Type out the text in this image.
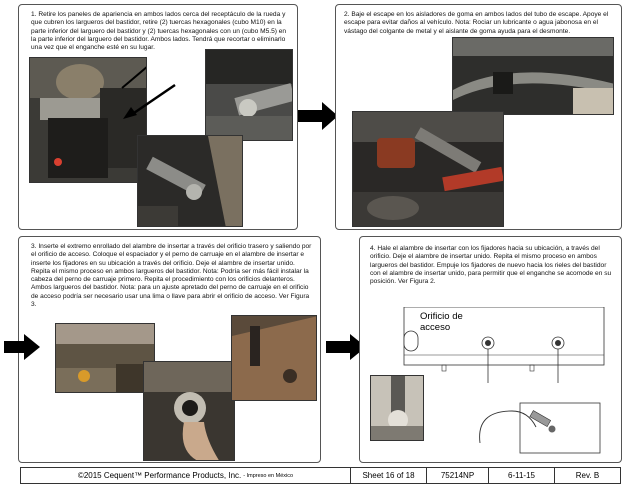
1. Retire los paneles de apariencia en ambos lados cerca del receptáculo de la rueda y que cubren los largueros del bastidor, retire (2) tuercas hexagonales (cubo M10) en la parte inferior del larguero del bastidor y (2) tuercas hexagonales con un (cubo M5.5) en la parte inferior del larguero del bastidor. Ambos lados. Tendrá que recortar o eliminarlo una vez que el enganche esté en su lugar.
2. Baje el escape en los aisladores de goma en ambos lados del tubo de escape. Apoye el escape para evitar daños al vehículo. Nota: Rociar un lubricante o agua jabonosa en el vástago del colgante de metal y el aislante de goma ayuda para el desmonte.
3. Inserte el extremo enrollado del alambre de insertar a través del orificio trasero y saliendo por el orificio de acceso. Coloque el espaciador y el perno de carruaje en el alambre de insertar e inserte los fijadores en su ubicación a través del orificio. Deje el alambre de insertar unido. Repita el mismo proceso en ambos largueros del bastidor. Nota: Podría ser más fácil instalar la cabeza del perno de carruaje primero. Repita el procedimiento con los orificios delanteros. Ambos largueros del bastidor. Nota: para un ajuste apretado del perno de carruaje en el orificio de acceso podría ser necesario usar una lima o llave para abrir el orificio de acceso. Ver Figura 3.
4. Hale el alambre de insertar con los fijadores hacia su ubicación, a través del orificio. Deje el alambre de insertar unido. Repita el mismo proceso en ambos largueros del bastidor. Empuje los fijadores de nuevo hacia los rieles del bastidor con el alambre de insertar unido, para permitir que el enganche se acomode en su posición. Ver Figura 2.
Orificio de
acceso
©2015 Cequent™ Performance Products, Inc. - Impreso en México	Sheet 16 of 18	75214NP	6-11-15	Rev. B
